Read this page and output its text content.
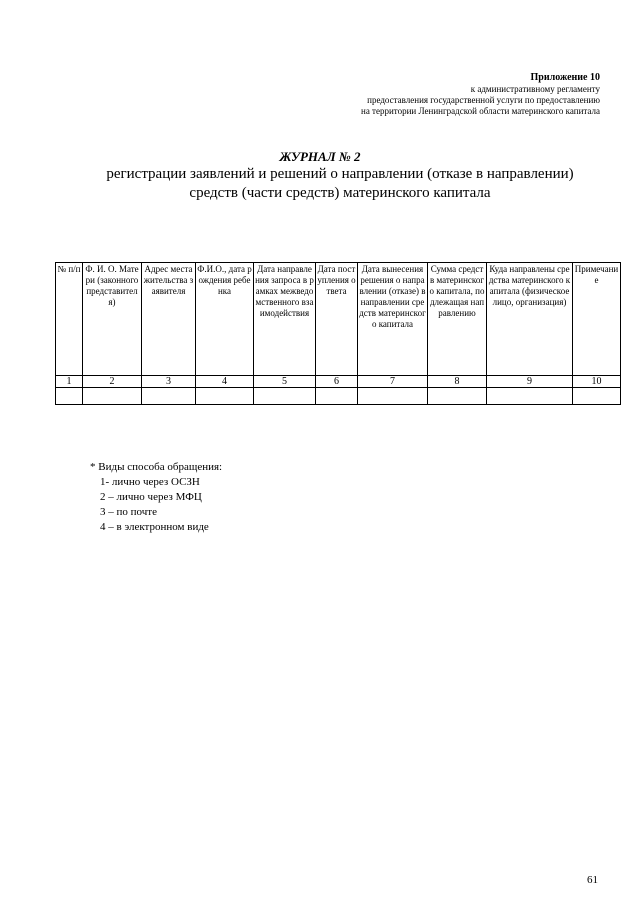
Приложение 10
к административному регламенту
предоставления государственной услуги по предоставлению
на территории Ленинградской области материнского капитала
ЖУРНАЛ № 2
регистрации заявлений и решений о направлении (отказе в направлении)
средств (части средств) материнского капитала
№ п/п	Ф. И. О. Матери (законного представителя)	Адрес места жительства заявителя	Ф.И.О., дата рождения ребенка	Дата направления запроса в рамках межведомственного взаимодействия	Дата поступления ответа	Дата вынесения решения о направлении (отказе) в направлении средств материнского капитала	Сумма средств материнского капитала, подлежащая направлению	Куда направлены средства материнского капитала (физическое лицо, организация)	Примечание
1	2	3	4	5	6	7	8	9	10

* Виды способа обращения:
1- лично через ОСЗН
2 – лично через МФЦ
3 – по почте
4 – в электронном виде
61
